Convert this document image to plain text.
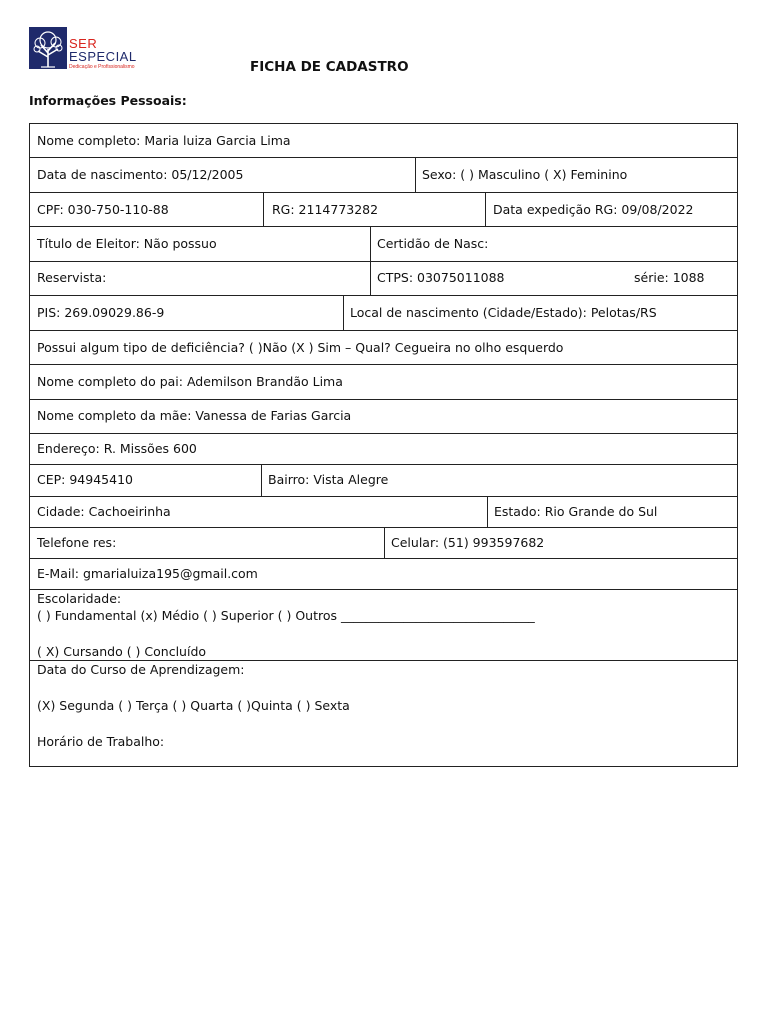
SER
ESPECIAL
Dedicação e Profissionalismo	FICHA DE CADASTRO
Informações Pessoais:
Nome completo: Maria luiza Garcia Lima
Data de nascimento: 05/12/2005	Sexo: ( ) Masculino ( X) Feminino
CPF: 030-750-110-88	RG: 2114773282	Data expedição RG: 09/08/2022
Título de Eleitor: Não possuo	Certidão de Nasc:
Reservista:	CTPS: 03075011088	série: 1088
PIS: 269.09029.86-9	Local de nascimento (Cidade/Estado): Pelotas/RS
Possui algum tipo de deficiência? ( )Não (X ) Sim – Qual? Cegueira no olho esquerdo
Nome completo do pai: Ademilson Brandão Lima
Nome completo da mãe: Vanessa de Farias Garcia
Endereço: R. Missões 600
CEP: 94945410	Bairro: Vista Alegre
Cidade: Cachoeirinha	Estado: Rio Grande do Sul
Telefone res:	Celular: (51) 993597682
E-Mail: gmarialuiza195@gmail.com
Escolaridade:
( ) Fundamental (x) Médio ( ) Superior ( ) Outros _______________________________
( X) Cursando ( ) Concluído
Data do Curso de Aprendizagem:
(X) Segunda ( ) Terça ( ) Quarta ( )Quinta ( ) Sexta
Horário de Trabalho:
